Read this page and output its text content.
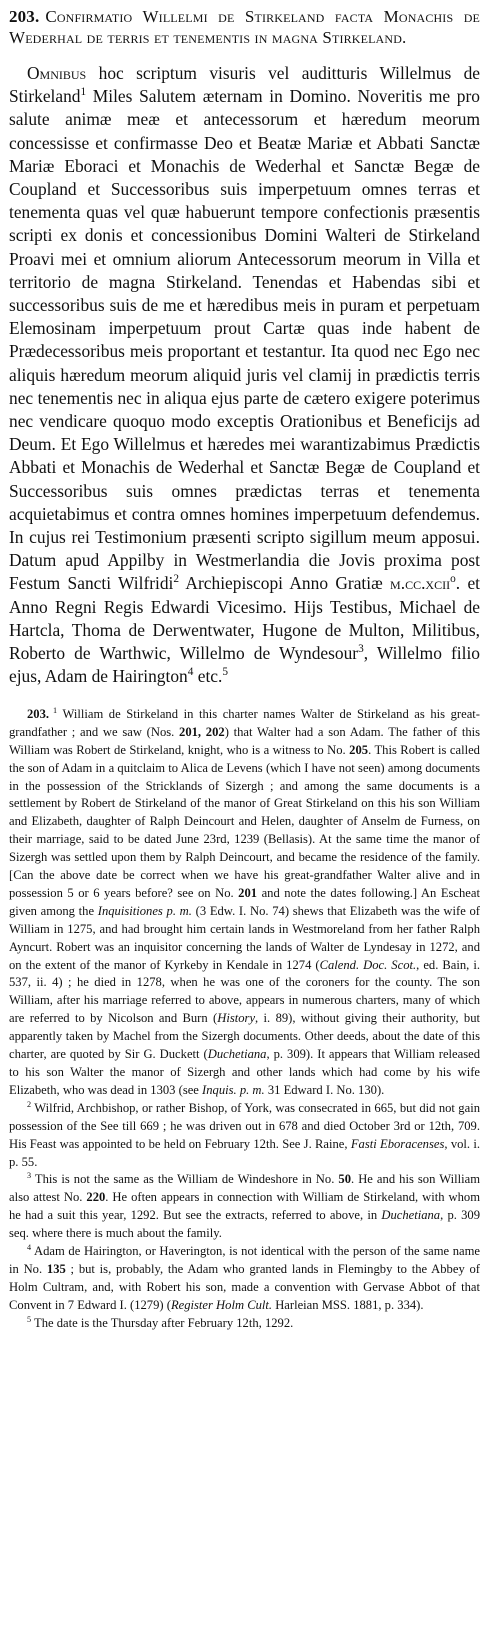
203. Confirmatio Willelmi de Stirkeland facta Monachis de Wederhal de terris et tenementis in magna Stirkeland.

Omnibus hoc scriptum visuris vel auditturis Willelmus de Stirkeland$^1$ Miles Salutem æternam in Domino. Noveritis me pro salute animæ meæ et antecessorum et hæredum meorum concessisse et confirmasse Deo et Beatæ Mariæ et Abbati Sanctæ Mariæ Eboraci et Monachis de Wederhal et Sanctæ Begæ de Coupland et Successoribus suis imperpetuum omnes terras et tenementa quas vel quæ habuerunt tempore confectionis præsentis scripti ex donis et concessionibus Domini Walteri de Stirkeland Proavi mei et omnium aliorum Antecessorum meorum in Villa et territorio de magna Stirkeland. Tenendas et Habendas sibi et successoribus suis de me et hæredibus meis in puram et perpetuam Elemosinam imperpetuum prout Cartæ quas inde habent de Prædecessoribus meis proportant et testantur. Ita quod nec Ego nec aliquis hæredum meorum aliquid juris vel clamij in prædictis terris nec tenementis nec in aliqua ejus parte de cætero exigere poterimus nec vendicare quoquo modo exceptis Orationibus et Beneficijs ad Deum. Et Ego Willelmus et hæredes mei warantizabimus Prædictis Abbati et Monachis de Wederhal et Sanctæ Begæ de Coupland et Successoribus suis omnes prædictas terras et tenementa acquietabimus et contra omnes homines imperpetuum defendemus. In cujus rei Testimonium præsenti scripto sigillum meum apposui. Datum apud Appilby in Westmerlandia die Jovis proxima post Festum Sancti Wilfridi$^2$ Archiepiscopi Anno Gratiæ m.cc.xcii$^o$. et Anno Regni Regis Edwardi Vicesimo. Hijs Testibus, Michael de Hartcla, Thoma de Derwentwater, Hugone de Multon, Militibus, Roberto de Warthwic, Willelmo de Wyndesour$^3$, Willelmo filio ejus, Adam de Hairington$^4$ etc.$^5$

203. $^1$ William de Stirkeland in this charter names Walter de Stirkeland as his great-grandfather ; and we saw (Nos. 201, 202) that Walter had a son Adam. The father of this William was Robert de Stirkeland, knight, who is a witness to No. 205. This Robert is called the son of Adam in a quitclaim to Alica de Levens (which I have not seen) among documents in the possession of the Stricklands of Sizergh ; and among the same documents is a settlement by Robert de Stirkeland of the manor of Great Stirkeland on this his son William and Elizabeth, daughter of Ralph Deincourt and Helen, daughter of Anselm de Furness, on their marriage, said to be dated June 23rd, 1239 (Bellasis). At the same time the manor of Sizergh was settled upon them by Ralph Deincourt, and became the residence of the family. [Can the above date be correct when we have his great-grandfather Walter alive and in possession 5 or 6 years before? see on No. 201 and note the dates following.] An Escheat given among the Inquisitiones p. m. (3 Edw. I. No. 74) shews that Elizabeth was the wife of William in 1275, and had brought him certain lands in Westmoreland from her father Ralph Ayncurt. Robert was an inquisitor concerning the lands of Walter de Lyndesay in 1272, and on the extent of the manor of Kyrkeby in Kendale in 1274 (Calend. Doc. Scot., ed. Bain, i. 537, ii. 4) ; he died in 1278, when he was one of the coroners for the county. The son William, after his marriage referred to above, appears in numerous charters, many of which are referred to by Nicolson and Burn (History, i. 89), without giving their authority, but apparently taken by Machel from the Sizergh documents. Other deeds, about the date of this charter, are quoted by Sir G. Duckett (Duchetiana, p. 309). It appears that William released to his son Walter the manor of Sizergh and other lands which had come by his wife Elizabeth, who was dead in 1303 (see Inquis. p. m. 31 Edward I. No. 130).

$^2$ Wilfrid, Archbishop, or rather Bishop, of York, was consecrated in 665, but did not gain possession of the See till 669 ; he was driven out in 678 and died October 3rd or 12th, 709. His Feast was appointed to be held on February 12th. See J. Raine, Fasti Eboracenses, vol. i. p. 55.

$^3$ This is not the same as the William de Windeshore in No. 50. He and his son William also attest No. 220. He often appears in connection with William de Stirkeland, with whom he had a suit this year, 1292. But see the extracts, referred to above, in Duchetiana, p. 309 seq. where there is much about the family.

$^4$ Adam de Hairington, or Haverington, is not identical with the person of the same name in No. 135 ; but is, probably, the Adam who granted lands in Flemingby to the Abbey of Holm Cultram, and, with Robert his son, made a convention with Gervase Abbot of that Convent in 7 Edward I. (1279) (Register Holm Cult. Harleian MSS. 1881, p. 334).

$^5$ The date is the Thursday after February 12th, 1292.
